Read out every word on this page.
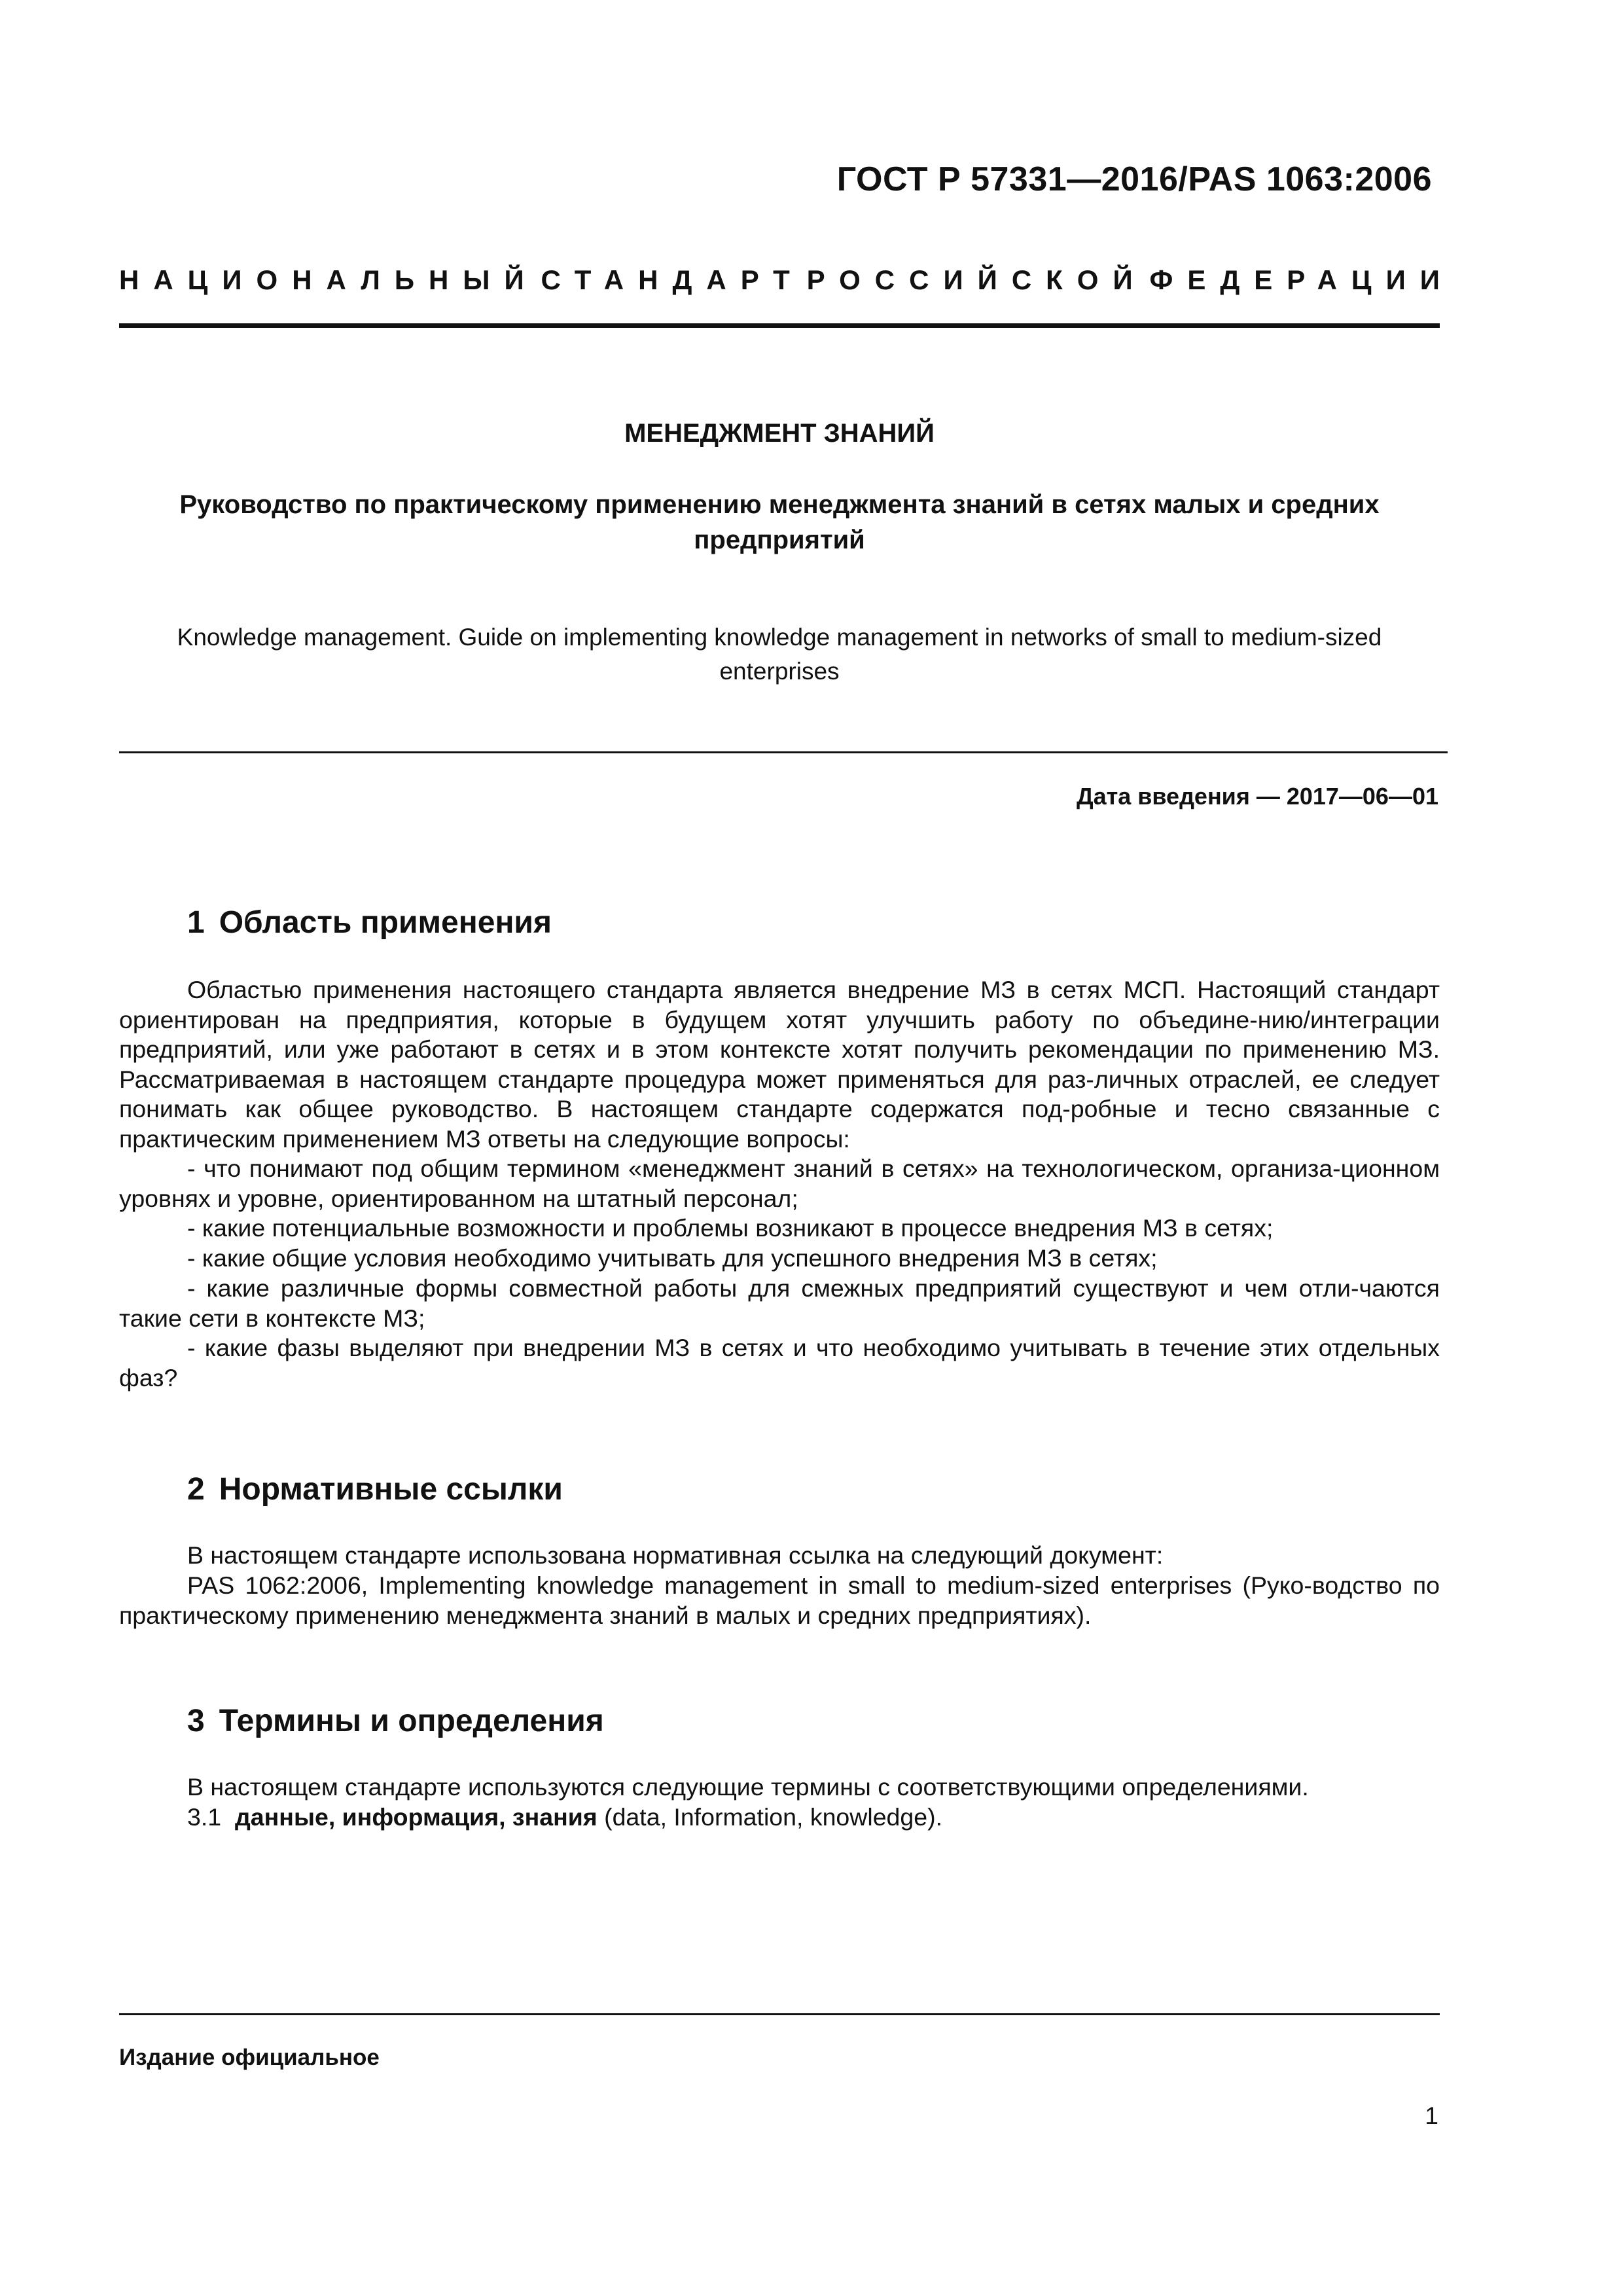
ГОСТ Р 57331—2016/PAS 1063:2006
НАЦИОНАЛЬНЫЙ СТАНДАРТ РОССИЙСКОЙ ФЕДЕРАЦИИ
МЕНЕДЖМЕНТ ЗНАНИЙ
Руководство по практическому применению менеджмента знаний в сетях малых и средних
предприятий
Knowledge management. Guide on implementing knowledge management in networks of small to medium-sized
enterprises
Дата введения — 2017—06—01
1 Область применения
Областью применения настоящего стандарта является внедрение МЗ в сетях МСП. Настоящий стандарт ориентирован на предприятия, которые в будущем хотят улучшить работу по объедине-нию/интеграции предприятий, или уже работают в сетях и в этом контексте хотят получить рекомендации по применению МЗ. Рассматриваемая в настоящем стандарте процедура может применяться для раз-личных отраслей, ее следует понимать как общее руководство. В настоящем стандарте содержатся под-робные и тесно связанные с практическим применением МЗ ответы на следующие вопросы:
- что понимают под общим термином «менеджмент знаний в сетях» на технологическом, организа-ционном уровнях и уровне, ориентированном на штатный персонал;
- какие потенциальные возможности и проблемы возникают в процессе внедрения МЗ в сетях;
- какие общие условия необходимо учитывать для успешного внедрения МЗ в сетях;
- какие различные формы совместной работы для смежных предприятий существуют и чем отли-чаются такие сети в контексте МЗ;
- какие фазы выделяют при внедрении МЗ в сетях и что необходимо учитывать в течение этих отдельных фаз?
2 Нормативные ссылки
В настоящем стандарте использована нормативная ссылка на следующий документ:
PAS 1062:2006, Implementing knowledge management in small to medium-sized enterprises (Руко-водство по практическому применению менеджмента знаний в малых и средних предприятиях).
3 Термины и определения
В настоящем стандарте используются следующие термины с соответствующими определениями.
3.1 данные, информация, знания (data, Information, knowledge).
Издание официальное
1
